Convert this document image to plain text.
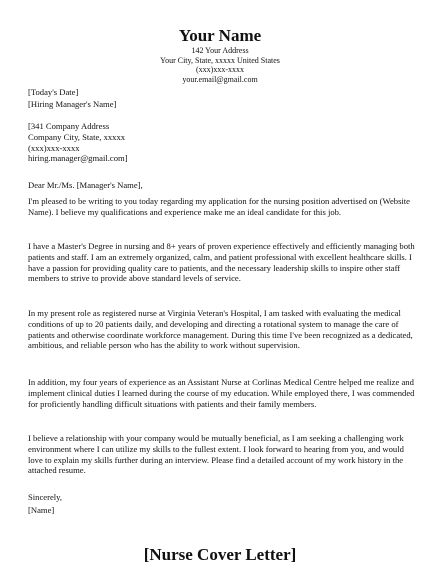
Your Name
142 Your Address
Your City, State, xxxxx United States
(xxx)xxx-xxxx
your.email@gmail.com
[Today's Date]
[Hiring Manager's Name]
[341 Company Address
Company City, State, xxxxx
(xxx)xxx-xxxx
hiring.manager@gmail.com]
Dear Mr./Ms. [Manager's Name],
I'm pleased to be writing to you today regarding my application for the nursing position advertised on (Website Name). I believe my qualifications and experience make me an ideal candidate for this job.
I have a Master's Degree in nursing and 8+ years of proven experience effectively and efficiently managing both patients and staff. I am an extremely organized, calm, and patient professional with excellent healthcare skills. I have a passion for providing quality care to patients, and the necessary leadership skills to inspire other staff members to strive to provide above standard levels of service.
In my present role as registered nurse at Virginia Veteran's Hospital, I am tasked with evaluating the medical conditions of up to 20 patients daily, and developing and directing a rotational system to manage the care of patients and otherwise coordinate workforce management. During this time I've been recognized as a dedicated, ambitious, and reliable person who has the ability to work without supervision.
In addition, my four years of experience as an Assistant Nurse at Corlinas Medical Centre helped me realize and implement clinical duties I learned during the course of my education. While employed there, I was commended for proficiently handling difficult situations with patients and their family members.
I believe a relationship with your company would be mutually beneficial, as I am seeking a challenging work environment where I can utilize my skills to the fullest extent. I look forward to hearing from you, and would love to explain my skills further during an interview. Please find a detailed account of my work history in the attached resume.
Sincerely,
[Name]
[Nurse Cover Letter]
